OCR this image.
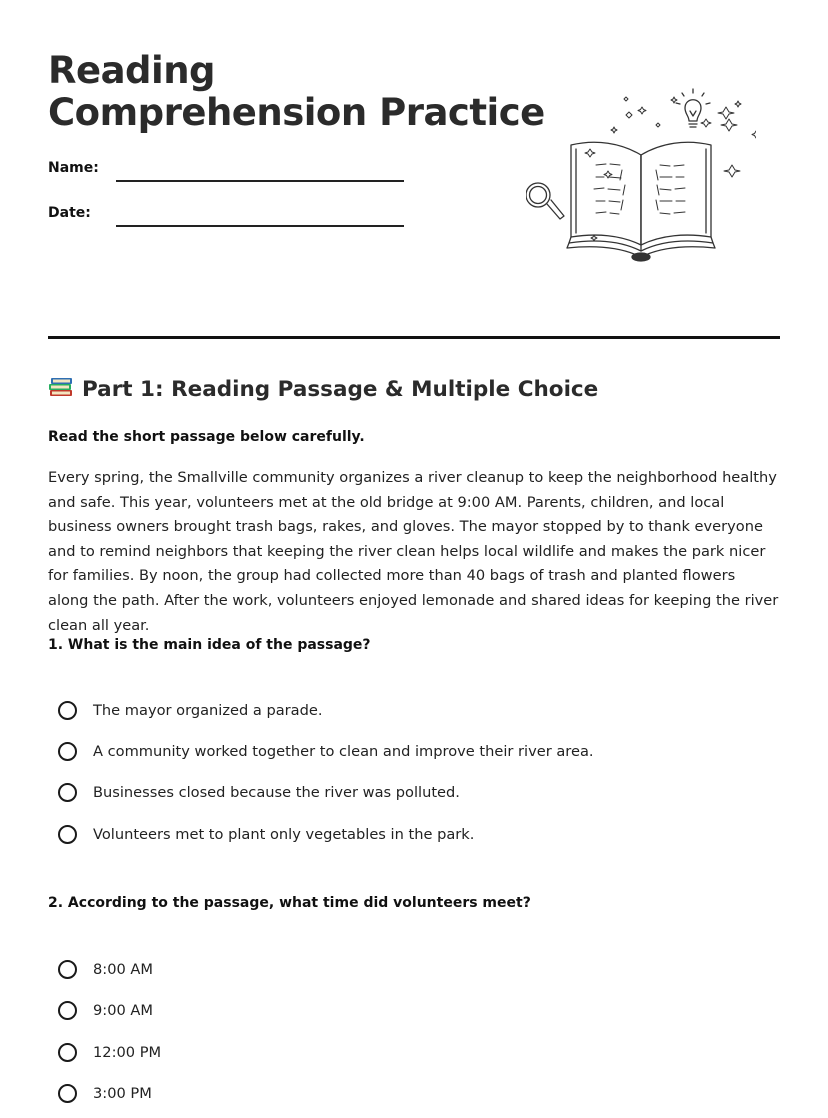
Reading
Comprehension Practice
Name:
Date:
Part 1: Reading Passage & Multiple Choice
Read the short passage below carefully.

Every spring, the Smallville community organizes a river cleanup to keep the neighborhood healthy and safe. This year, volunteers met at the old bridge at 9:00 AM. Parents, children, and local business owners brought trash bags, rakes, and gloves. The mayor stopped by to thank everyone and to remind neighbors that keeping the river clean helps local wildlife and makes the park nicer for families. By noon, the group had collected more than 40 bags of trash and planted flowers along the path. After the work, volunteers enjoyed lemonade and shared ideas for keeping the river clean all year.

1. What is the main idea of the passage?
The mayor organized a parade.
A community worked together to clean and improve their river area.
Businesses closed because the river was polluted.
Volunteers met to plant only vegetables in the park.
2. According to the passage, what time did volunteers meet?
8:00 AM
9:00 AM
12:00 PM
3:00 PM
